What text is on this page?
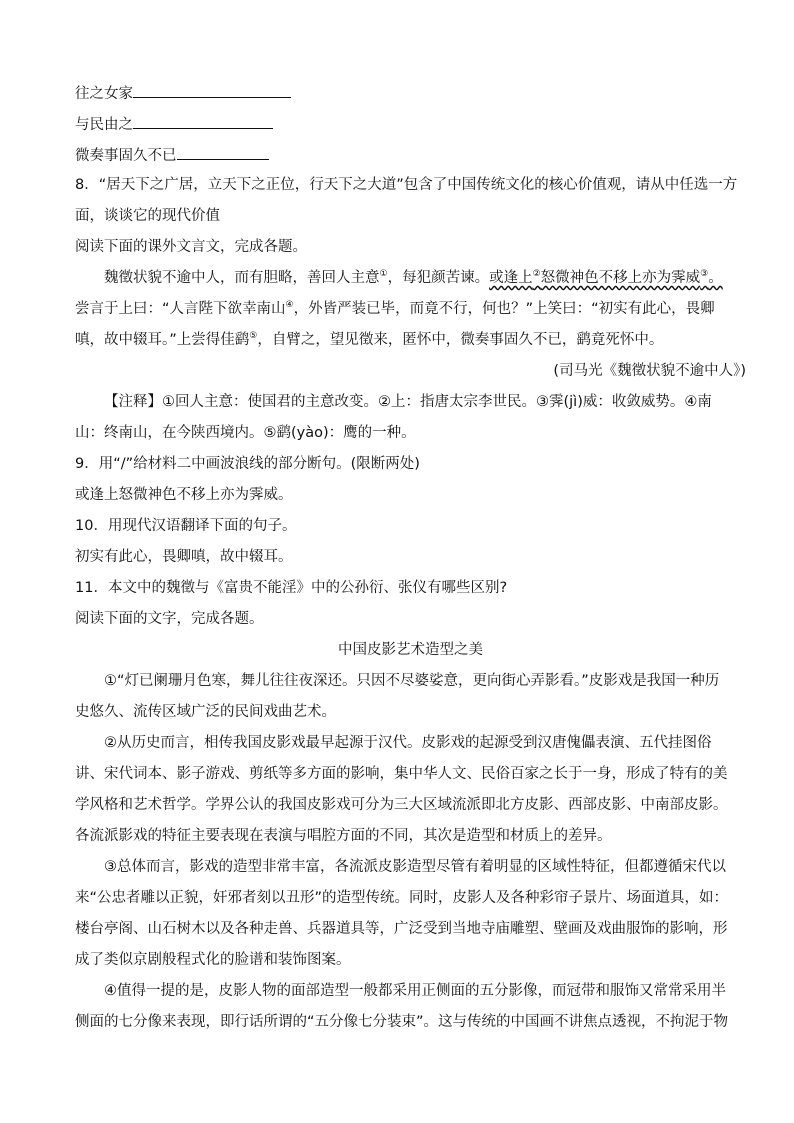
往之女家
与民由之
微奏事固久不已
8．“居天下之广居，立天下之正位，行天下之大道”包含了中国传统文化的核心价值观，请从中任选一方
面，谈谈它的现代价值
阅读下面的课外文言文，完成各题。
魏徵状貌不逾中人，而有胆略，善回人主意①，每犯颜苦谏。或逢上②怒微神色不移上亦为霁威③。
尝言于上曰：“人言陛下欲幸南山④，外皆严装已毕，而竟不行，何也？”上笑曰：“初实有此心，畏卿
嗔，故中辍耳。”上尝得佳鹞⑤，自臂之，望见徵来，匿怀中，微奏事固久不已，鹞竟死怀中。
(司马光《魏徵状貌不逾中人》)
【注释】①回人主意：使国君的主意改变。②上：指唐太宗李世民。③霁(jì)威：收敛威势。④南
山：终南山，在今陕西境内。⑤鹞(yào)：鹰的一种。
9．用“/”给材料二中画波浪线的部分断句。(限断两处)
或逢上怒微神色不移上亦为霁威。
10．用现代汉语翻译下面的句子。
初实有此心，畏卿嗔，故中辍耳。
11．本文中的魏徵与《富贵不能淫》中的公孙衍、张仪有哪些区别?
阅读下面的文字，完成各题。
中国皮影艺术造型之美
①“灯已阑珊月色寒，舞儿往往夜深还。只因不尽婆娑意，更向街心弄影看。”皮影戏是我国一种历
史悠久、流传区域广泛的民间戏曲艺术。
②从历史而言，相传我国皮影戏最早起源于汉代。皮影戏的起源受到汉唐傀儡表演、五代挂图俗
讲、宋代词本、影子游戏、剪纸等多方面的影响，集中华人文、民俗百家之长于一身，形成了特有的美
学风格和艺术哲学。学界公认的我国皮影戏可分为三大区域流派即北方皮影、西部皮影、中南部皮影。
各流派影戏的特征主要表现在表演与唱腔方面的不同，其次是造型和材质上的差异。
③总体而言，影戏的造型非常丰富，各流派皮影造型尽管有着明显的区域性特征，但都遵循宋代以
来“公忠者雕以正貌，奸邪者刻以丑形”的造型传统。同时，皮影人及各种彩帘子景片、场面道具，如：
楼台亭阁、山石树木以及各种走兽、兵器道具等，广泛受到当地寺庙雕塑、壁画及戏曲服饰的影响，形
成了类似京剧般程式化的脸谱和装饰图案。
④值得一提的是，皮影人物的面部造型一般都采用正侧面的五分影像，而冠带和服饰又常常采用半
侧面的七分像来表现，即行话所谓的“五分像七分装束”。这与传统的中国画不讲焦点透视，不拘泥于物
